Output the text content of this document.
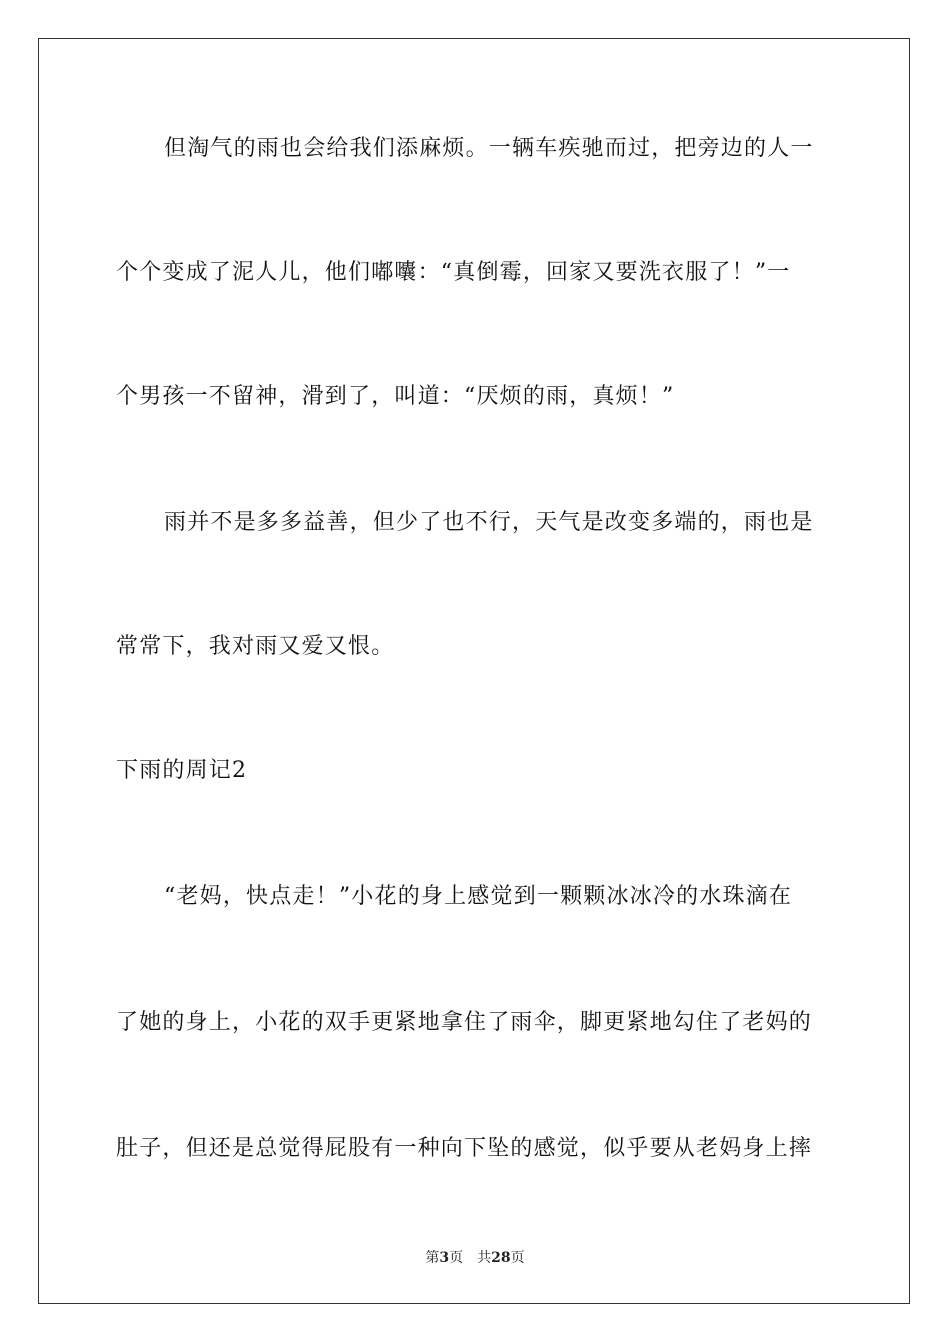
但淘气的雨也会给我们添麻烦。一辆车疾驰而过，把旁边的人一
个个变成了泥人儿，他们嘟囔：“真倒霉，回家又要洗衣服了！”一
个男孩一不留神，滑到了，叫道：“厌烦的雨，真烦！”
雨并不是多多益善，但少了也不行，天气是改变多端的，雨也是
常常下，我对雨又爱又恨。
下雨的周记2
“老妈，快点走！”小花的身上感觉到一颗颗冰冰冷的水珠滴在
了她的身上，小花的双手更紧地拿住了雨伞，脚更紧地勾住了老妈的
肚子，但还是总觉得屁股有一种向下坠的感觉，似乎要从老妈身上摔
第3页 共28页
